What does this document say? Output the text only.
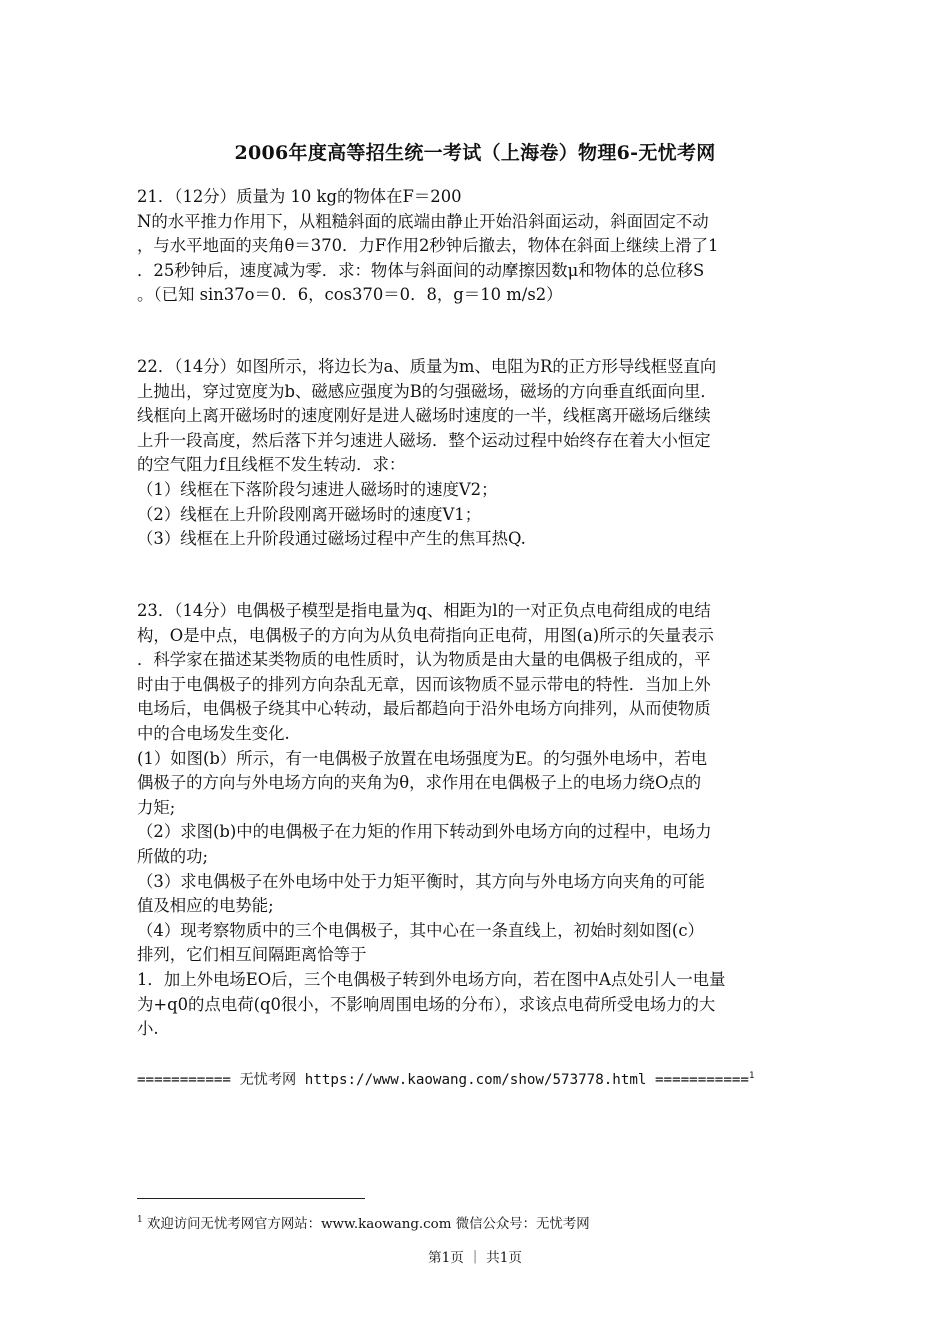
2006年度高等招生统一考试（上海卷）物理6-无忧考网
21．（12分）质量为 10 kg的物体在F＝200
N的水平推力作用下，从粗糙斜面的底端由静止开始沿斜面运动，斜面固定不动
，与水平地面的夹角θ＝370．力F作用2秒钟后撤去，物体在斜面上继续上滑了1
．25秒钟后，速度减为零．求：物体与斜面间的动摩擦因数μ和物体的总位移S
。（已知 sin37o＝0．6，cos370＝0．8，g＝10 m/s2）
22．（14分）如图所示，将边长为a、质量为m、电阻为R的正方形导线框竖直向
上抛出，穿过宽度为b、磁感应强度为B的匀强磁场，磁场的方向垂直纸面向里．
线框向上离开磁场时的速度刚好是进人磁场时速度的一半，线框离开磁场后继续
上升一段高度，然后落下并匀速进人磁场．整个运动过程中始终存在着大小恒定
的空气阻力f且线框不发生转动．求：
（1）线框在下落阶段匀速进人磁场时的速度V2；
（2）线框在上升阶段刚离开磁场时的速度V1；
（3）线框在上升阶段通过磁场过程中产生的焦耳热Q.
23．（14分）电偶极子模型是指电量为q、相距为l的一对正负点电荷组成的电结
构，O是中点，电偶极子的方向为从负电荷指向正电荷，用图(a)所示的矢量表示
．科学家在描述某类物质的电性质时，认为物质是由大量的电偶极子组成的，平
时由于电偶极子的排列方向杂乱无章，因而该物质不显示带电的特性．当加上外
电场后，电偶极子绕其中心转动，最后都趋向于沿外电场方向排列，从而使物质
中的合电场发生变化.
(1）如图(b）所示，有一电偶极子放置在电场强度为E。的匀强外电场中，若电
偶极子的方向与外电场方向的夹角为θ，求作用在电偶极子上的电场力绕O点的
力矩;
（2）求图(b)中的电偶极子在力矩的作用下转动到外电场方向的过程中，电场力
所做的功;
（3）求电偶极子在外电场中处于力矩平衡时，其方向与外电场方向夹角的可能
值及相应的电势能;
（4）现考察物质中的三个电偶极子，其中心在一条直线上，初始时刻如图(c）
排列，它们相互间隔距离恰等于
1．加上外电场EO后，三个电偶极子转到外电场方向，若在图中A点处引人一电量
为+q0的点电荷(q0很小，不影响周围电场的分布），求该点电荷所受电场力的大
小.
=========== 无忧考网 https://www.kaowang.com/show/573778.html ===========$^1$
$^1$ 欢迎访问无忧考网官方网站：www.kaowang.com 微信公众号：无忧考网
第1页 ｜ 共1页
